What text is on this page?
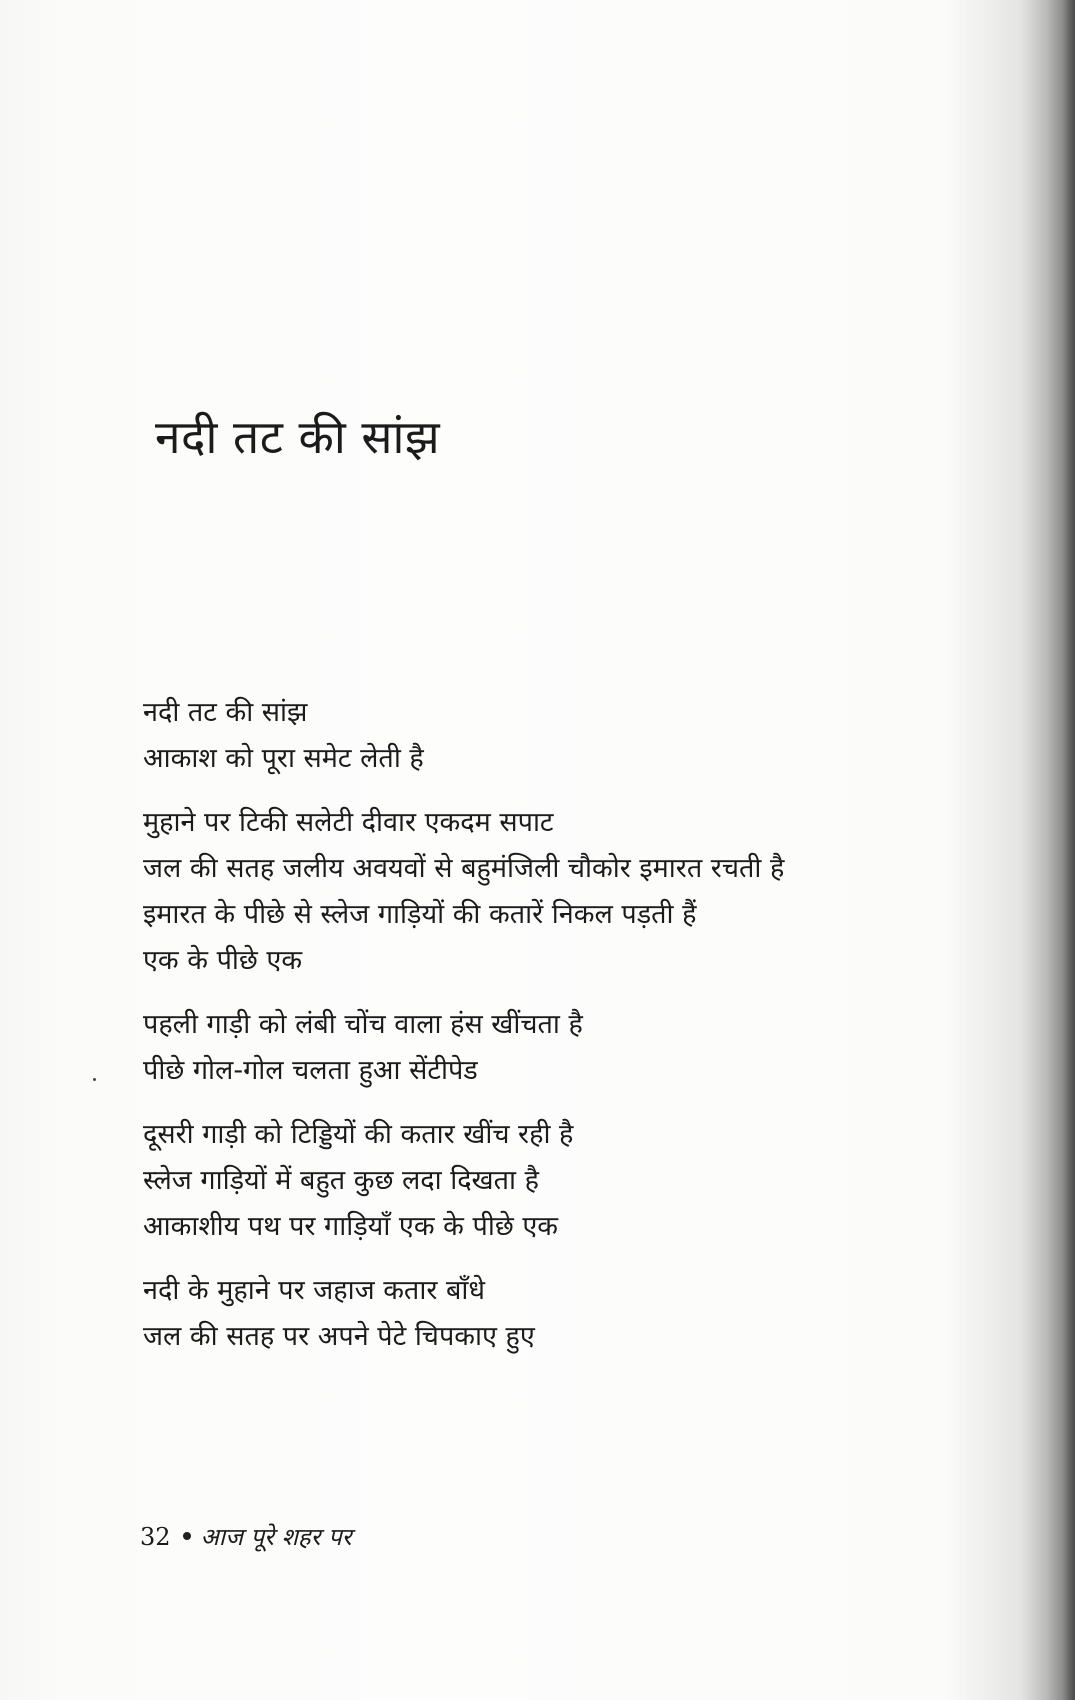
नदी तट की सांझ
नदी तट की सांझ
आकाश को पूरा समेट लेती है
मुहाने पर टिकी सलेटी दीवार एकदम सपाट
जल की सतह जलीय अवयवों से बहुमंजिली चौकोर इमारत रचती है
इमारत के पीछे से स्लेज गाड़ियों की कतारें निकल पड़ती हैं
एक के पीछे एक
पहली गाड़ी को लंबी चोंच वाला हंस खींचता है
पीछे गोल-गोल चलता हुआ सेंटीपेड
दूसरी गाड़ी को टिड्डियों की कतार खींच रही है
स्लेज गाड़ियों में बहुत कुछ लदा दिखता है
आकाशीय पथ पर गाड़ियाँ एक के पीछे एक
नदी के मुहाने पर जहाज कतार बाँधे
जल की सतह पर अपने पेटे चिपकाए हुए
32 आज पूरे शहर पर
